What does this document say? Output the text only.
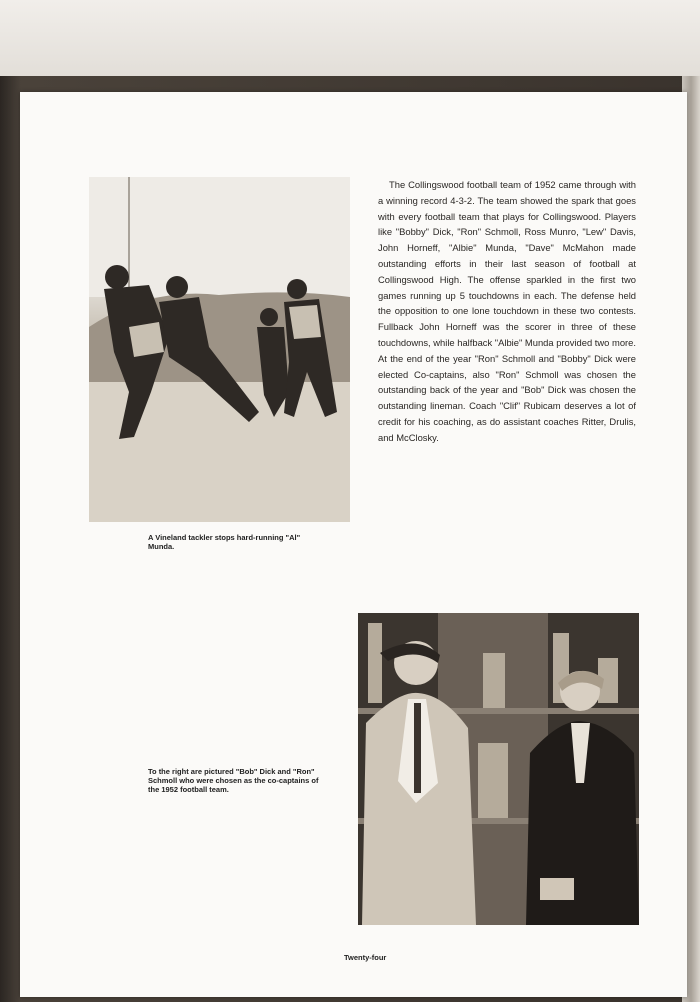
A Vineland tackler stops hard-running "Al" Munda.
The Collingswood football team of 1952 came through with a winning record 4-3-2. The team showed the spark that goes with every football team that plays for Collingswood. Players like "Bobby" Dick, "Ron" Schmoll, Ross Munro, "Lew" Davis, John Horneff, "Albie" Munda, "Dave" McMahon made outstanding efforts in their last season of football at Collingswood High. The offense sparkled in the first two games running up 5 touchdowns in each. The defense held the opposition to one lone touchdown in these two contests. Fullback John Horneff was the scorer in three of these touchdowns, while halfback "Albie" Munda provided two more. At the end of the year "Ron" Schmoll and "Bobby" Dick were elected Co-captains, also "Ron" Schmoll was chosen the outstanding back of the year and "Bob" Dick was chosen the outstanding lineman. Coach "Clif" Rubicam deserves a lot of credit for his coaching, as do assistant coaches Ritter, Drulis, and McClosky.
To the right are pictured "Bob" Dick and "Ron" Schmoll who were chosen as the co-captains of the 1952 football team.
Twenty-four
